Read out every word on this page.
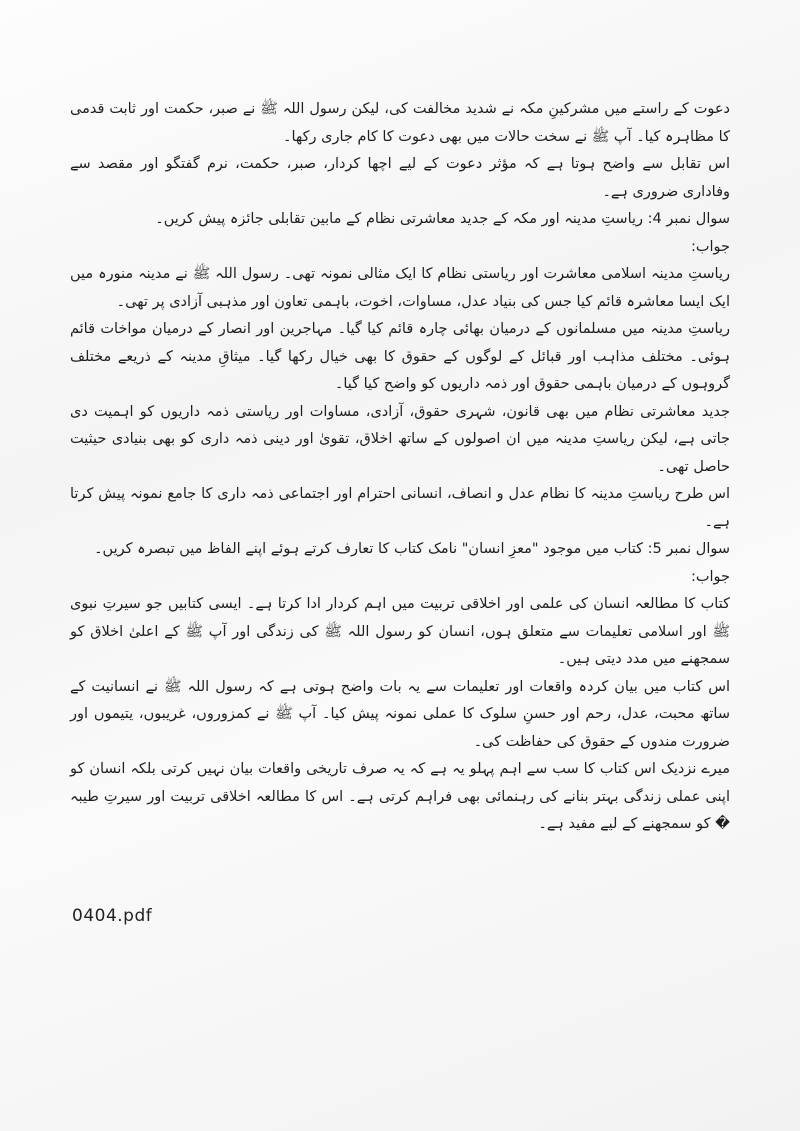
دعوت کے راستے میں مشرکینِ مکہ نے شدید مخالفت کی، لیکن رسول اللہ ﷺ نے صبر، حکمت اور ثابت قدمی کا مظاہرہ کیا۔ آپ ﷺ نے سخت حالات میں بھی دعوت کا کام جاری رکھا۔

اس تقابل سے واضح ہوتا ہے کہ مؤثر دعوت کے لیے اچھا کردار، صبر، حکمت، نرم گفتگو اور مقصد سے وفاداری ضروری ہے۔

سوال نمبر 4: ریاستِ مدینہ اور مکہ کے جدید معاشرتی نظام کے مابین تقابلی جائزہ پیش کریں۔

جواب:

ریاستِ مدینہ اسلامی معاشرت اور ریاستی نظام کا ایک مثالی نمونہ تھی۔ رسول اللہ ﷺ نے مدینہ منورہ میں ایک ایسا معاشرہ قائم کیا جس کی بنیاد عدل، مساوات، اخوت، باہمی تعاون اور مذہبی آزادی پر تھی۔

ریاستِ مدینہ میں مسلمانوں کے درمیان بھائی چارہ قائم کیا گیا۔ مہاجرین اور انصار کے درمیان مواخات قائم ہوئی۔ مختلف مذاہب اور قبائل کے لوگوں کے حقوق کا بھی خیال رکھا گیا۔ میثاقِ مدینہ کے ذریعے مختلف گروہوں کے درمیان باہمی حقوق اور ذمہ داریوں کو واضح کیا گیا۔

جدید معاشرتی نظام میں بھی قانون، شہری حقوق، آزادی، مساوات اور ریاستی ذمہ داریوں کو اہمیت دی جاتی ہے، لیکن ریاستِ مدینہ میں ان اصولوں کے ساتھ اخلاق، تقویٰ اور دینی ذمہ داری کو بھی بنیادی حیثیت حاصل تھی۔

اس طرح ریاستِ مدینہ کا نظام عدل و انصاف، انسانی احترام اور اجتماعی ذمہ داری کا جامع نمونہ پیش کرتا ہے۔

سوال نمبر 5: کتاب میں موجود "معزِ انسان" نامک کتاب کا تعارف کرتے ہوئے اپنے الفاظ میں تبصرہ کریں۔

جواب:

کتاب کا مطالعہ انسان کی علمی اور اخلاقی تربیت میں اہم کردار ادا کرتا ہے۔ ایسی کتابیں جو سیرتِ نبوی ﷺ اور اسلامی تعلیمات سے متعلق ہوں، انسان کو رسول اللہ ﷺ کی زندگی اور آپ ﷺ کے اعلیٰ اخلاق کو سمجھنے میں مدد دیتی ہیں۔

اس کتاب میں بیان کردہ واقعات اور تعلیمات سے یہ بات واضح ہوتی ہے کہ رسول اللہ ﷺ نے انسانیت کے ساتھ محبت، عدل، رحم اور حسنِ سلوک کا عملی نمونہ پیش کیا۔ آپ ﷺ نے کمزوروں، غریبوں، یتیموں اور ضرورت مندوں کے حقوق کی حفاظت کی۔

میرے نزدیک اس کتاب کا سب سے اہم پہلو یہ ہے کہ یہ صرف تاریخی واقعات بیان نہیں کرتی بلکہ انسان کو اپنی عملی زندگی بہتر بنانے کی رہنمائی بھی فراہم کرتی ہے۔ اس کا مطالعہ اخلاقی تربیت اور سیرتِ طیبہ � کو سمجھنے کے لیے مفید ہے۔

0404.pdf
